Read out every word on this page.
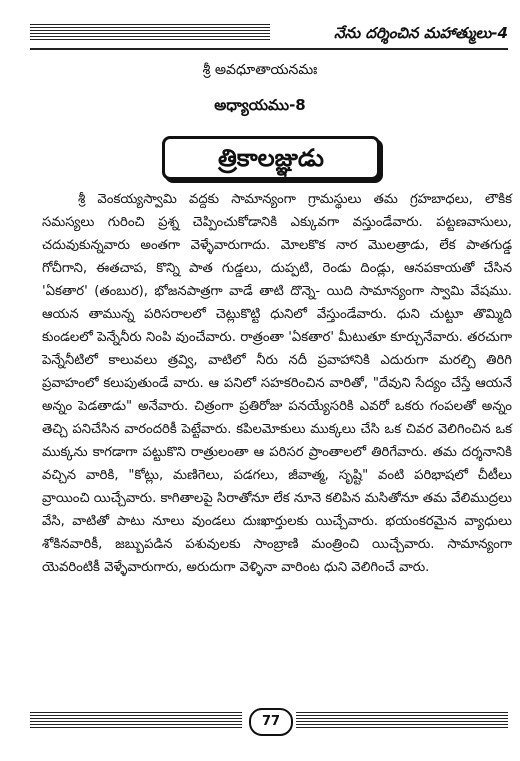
నేను దర్శించిన మహాత్ములు-4
శ్రీ అవధూతాయనమః
అధ్యాయము-8
త్రికాలజ్ఞుడు

శ్రీ వెంకయ్యస్వామి వద్దకు సామాన్యంగా గ్రామస్థులు తమ గ్రహబాధలు, లౌకిక సమస్యలు గురించి ప్రశ్న చెప్పించుకోడానికి ఎక్కువగా వస్తుండేవారు. పట్టణవాసులు, చదువుకున్నవారు అంతగా వెళ్ళేవారుగాదు. మోలకొక నార మొలత్రాడు, లేక పాతగుడ్డ గోచీగాని, ఈతచాప, కొన్ని పాత గుడ్డలు, దుప్పటి, రెండు దిండ్లు, ఆనపకాయతో చేసిన 'ఏకతార' (తంబుర), భోజనపాత్రగా వాడే తాటి దొన్నె- యిది సామాన్యంగా స్వామి వేషము. ఆయన తామున్న పరిసరాలలో చెట్లుకొట్టి ధునిలో వేస్తుండేవారు. ధుని చుట్టూ తొమ్మిది కుండలలో పెన్నేనీరు నింపి వుంచేవారు. రాత్రంతా 'ఏకతార' మీటుతూ కూర్చునేవారు. తరచుగా పెన్నేనీటిలో కాలువలు త్రవ్వి, వాటిలో నీరు నదీ ప్రవాహానికి ఎదురుగా మరల్చి తిరిగి ప్రవాహంలో కలుపుతుండే వారు. ఆ పనిలో సహకరించిన వారితో, "దేవుని సేద్యం చేస్తే ఆయనే అన్నం పెడతాడు" అనేవారు. చిత్రంగా ప్రతిరోజు పనయ్యేసరికి ఎవరో ఒకరు గంపలతో అన్నం తెచ్చి పనిచేసిన వారందరికీ పెట్టేవారు. కపిలమోకులు ముక్కలు చేసి ఒక చివర వెలిగించిన ఒక ముక్కను కాగడాగా పట్టుకొని రాత్రులంతా ఆ పరిసర ప్రాంతాలలో తిరిగేవారు. తమ దర్శనానికి వచ్చిన వారికి, "కోట్లు, మణిగెలు, పడగలు, జీవాత్మ, సృష్టి" వంటి పరిభాషలో చీటీలు వ్రాయించి యిచ్చేవారు. కాగితాలపై సిరాతోనూ లేక నూనె కలిపిన మసితోనూ తమ వేలిముద్రలు వేసి, వాటితో పాటు నూలు వుండలు దుఃఖార్తులకు యిచ్చేవారు. భయంకరమైన వ్యాధులు శోకినవారికీ, జబ్బుపడిన పశువులకు సాంబ్రాణి మంత్రించి యిచ్చేవారు. సామాన్యంగా యెవరింటికీ వెళ్ళేవారుగారు, అరుదుగా వెళ్ళినా వారింట ధుని వెలిగించే వారు.

77
